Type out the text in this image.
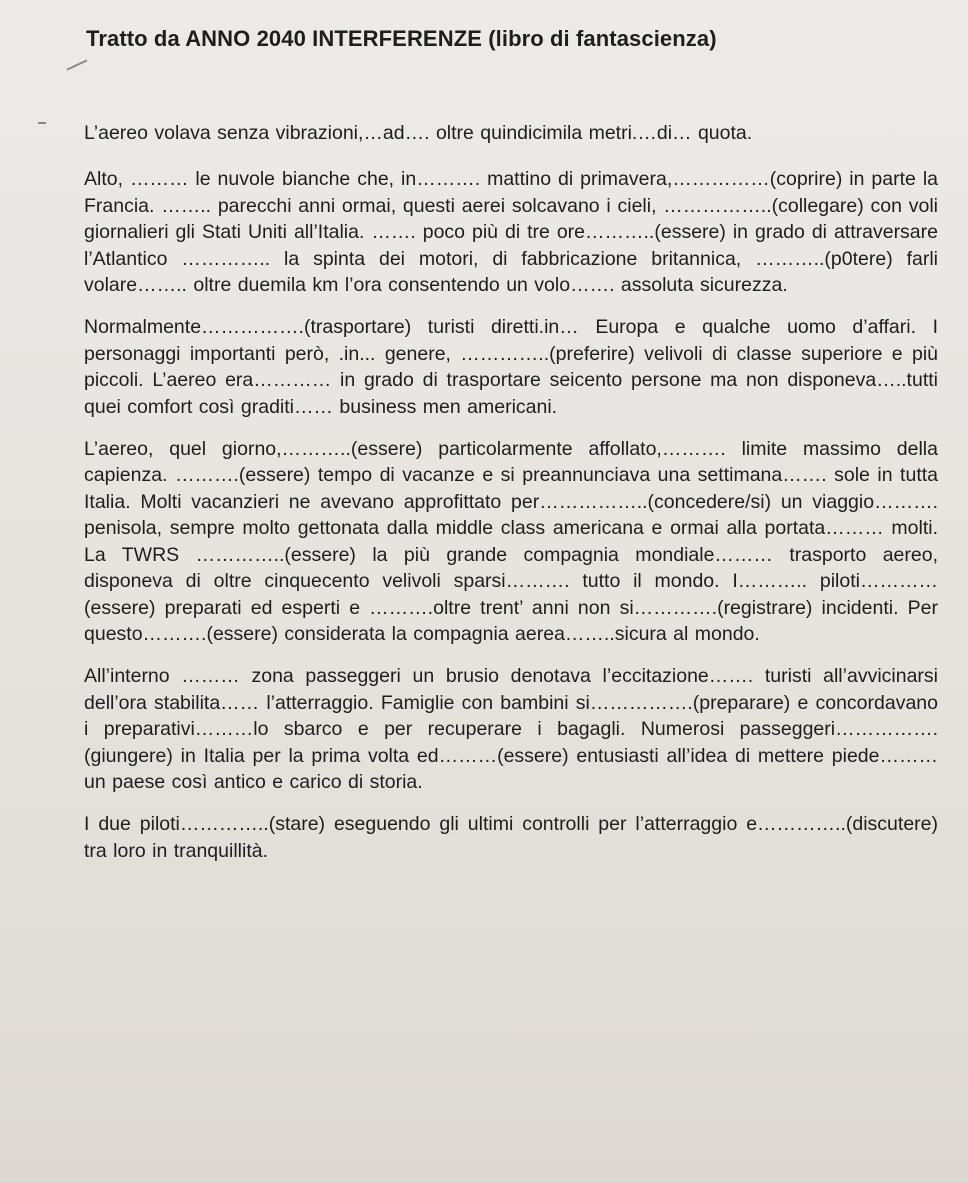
Tratto da ANNO 2040 INTERFERENZE (libro di fantascienza)

L’aereo volava senza vibrazioni,…ad…. oltre quindicimila metri.…di… quota.

Alto, ……… le nuvole bianche che, in………. mattino di primavera,……………(coprire) in parte la Francia. …….. parecchi anni ormai, questi aerei solcavano i cieli, ……………..(collegare) con voli giornalieri gli Stati Uniti all’Italia. ……. poco più di tre ore………..(essere) in grado di attraversare l’Atlantico ………….. la spinta dei motori, di fabbricazione britannica, ………..(p0tere) farli volare…….. oltre duemila km l’ora consentendo un volo……. assoluta sicurezza.

Normalmente…………….(trasportare) turisti diretti.in… Europa e qualche uomo d’affari. I personaggi importanti però, .in... genere, …………..(preferire) velivoli di classe superiore e più piccoli. L’aereo era………… in grado di trasportare seicento persone ma non disponeva…..tutti quei comfort così graditi…… business men americani.

L’aereo, quel giorno,………..(essere) particolarmente affollato,………. limite massimo della capienza. ……….(essere) tempo di vacanze e si preannunciava una settimana……. sole in tutta Italia. Molti vacanzieri ne avevano approfittato per……………..(concedere/si) un viaggio………. penisola, sempre molto gettonata dalla middle class americana e ormai alla portata……… molti. La TWRS …………..(essere) la più grande compagnia mondiale……… trasporto aereo, disponeva di oltre cinquecento velivoli sparsi………. tutto il mondo. I……….. piloti…………(essere) preparati ed esperti e ……….oltre trent’ anni non si………….(registrare) incidenti. Per questo……….(essere) considerata la compagnia aerea……..sicura al mondo.

All’interno ……… zona passeggeri un brusio denotava l’eccitazione……. turisti all’avvicinarsi dell’ora stabilita…… l’atterraggio. Famiglie con bambini si…………….(preparare) e concordavano i preparativi………lo sbarco e per recuperare i bagagli. Numerosi passeggeri…………….(giungere) in Italia per la prima volta ed………(essere) entusiasti all’idea di mettere piede……… un paese così antico e carico di storia.

I due piloti…………..(stare) eseguendo gli ultimi controlli per l’atterraggio e…………..(discutere) tra loro in tranquillità.
